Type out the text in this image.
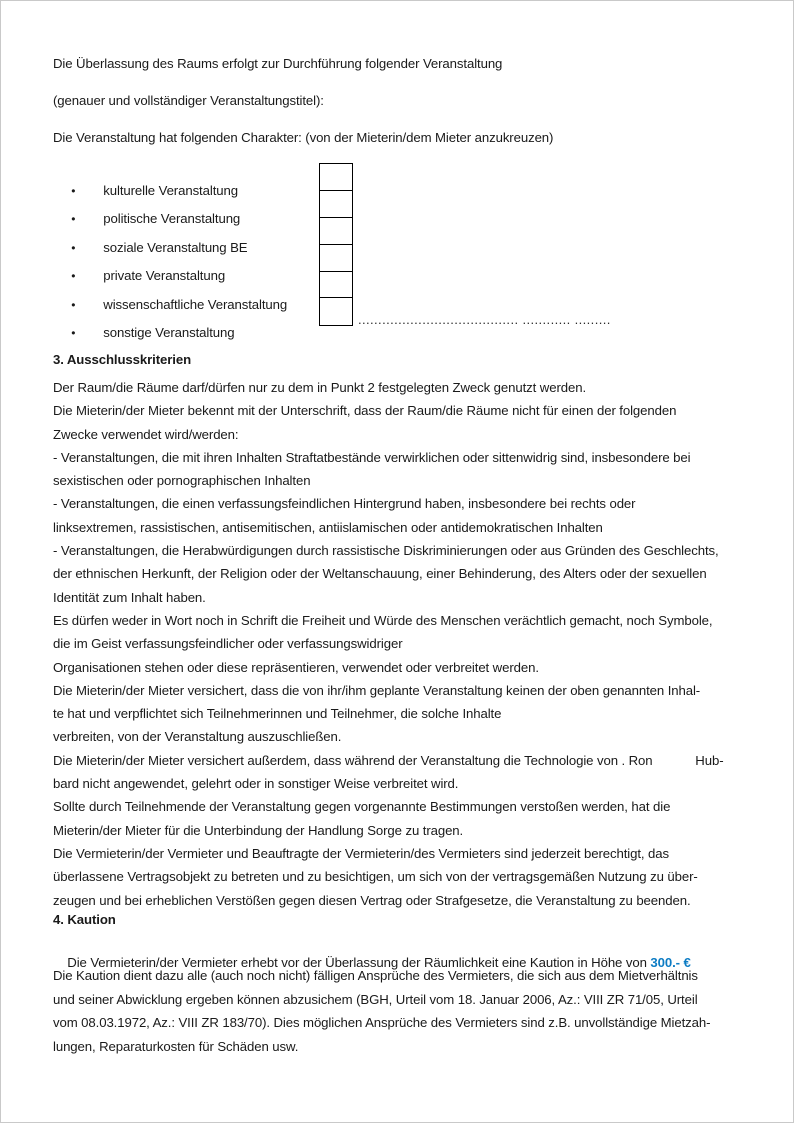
Die Überlassung des Raums erfolgt zur Durchführung folgender Veranstaltung
(genauer und vollständiger Veranstaltungstitel):
Die Veranstaltung hat folgenden Charakter: (von der Mieterin/dem Mieter anzukreuzen)

• kulturelle Veranstaltung

• politische Veranstaltung

• soziale Veranstaltung BE

• private Veranstaltung

• wissenschaftliche Veranstaltung

• sonstige Veranstaltung

........................................ ............ .........
3. Ausschlusskriterien
Der Raum/die Räume darf/dürfen nur zu dem in Punkt 2 festgelegten Zweck genutzt werden.
Die Mieterin/der Mieter bekennt mit der Unterschrift, dass der Raum/die Räume nicht für einen der folgenden
Zwecke verwendet wird/werden:
- Veranstaltungen, die mit ihren Inhalten Straftatbestände verwirklichen oder sittenwidrig sind, insbesondere bei
sexistischen oder pornographischen Inhalten
- Veranstaltungen, die einen verfassungsfeindlichen Hintergrund haben, insbesondere bei rechts oder
linksextremen, rassistischen, antisemitischen, antiislamischen oder antidemokratischen Inhalten
- Veranstaltungen, die Herabwürdigungen durch rassistische Diskriminierungen oder aus Gründen des Geschlechts,
der ethnischen Herkunft, der Religion oder der Weltanschauung, einer Behinderung, des Alters oder der sexuellen
Identität zum Inhalt haben.
Es dürfen weder in Wort noch in Schrift die Freiheit und Würde des Menschen verächtlich gemacht, noch Symbole,
die im Geist verfassungsfeindlicher oder verfassungswidriger
Organisationen stehen oder diese repräsentieren, verwendet oder verbreitet werden.
Die Mieterin/der Mieter versichert, dass die von ihr/ihm geplante Veranstaltung keinen der oben genannten Inhal-
te hat und verpflichtet sich Teilnehmerinnen und Teilnehmer, die solche Inhalte
verbreiten, von der Veranstaltung auszuschließen.
Die Mieterin/der Mieter versichert außerdem, dass während der Veranstaltung die Technologie von . Ron            Hub-
bard nicht angewendet, gelehrt oder in sonstiger Weise verbreitet wird.
Sollte durch Teilnehmende der Veranstaltung gegen vorgenannte Bestimmungen verstoßen werden, hat die
Mieterin/der Mieter für die Unterbindung der Handlung Sorge zu tragen.
Die Vermieterin/der Vermieter und Beauftragte der Vermieterin/des Vermieters sind jederzeit berechtigt, das
überlassene Vertragsobjekt zu betreten und zu besichtigen, um sich von der vertragsgemäßen Nutzung zu über-
zeugen und bei erheblichen Verstößen gegen diesen Vertrag oder Strafgesetze, die Veranstaltung zu beenden.
4. Kaution

Die Vermieterin/der Vermieter erhebt vor der Überlassung der Räumlichkeit eine Kaution in Höhe von 300.- €

Die Kaution dient dazu alle (auch noch nicht) fälligen Ansprüche des Vermieters, die sich aus dem Mietverhältnis
und seiner Abwicklung ergeben können abzusichem (BGH, Urteil vom 18. Januar 2006, Az.: VIII ZR 71/05, Urteil
vom 08.03.1972, Az.: VIII ZR 183/70). Dies möglichen Ansprüche des Vermieters sind z.B. unvollständige Mietzah-
lungen, Reparaturkosten für Schäden usw.
